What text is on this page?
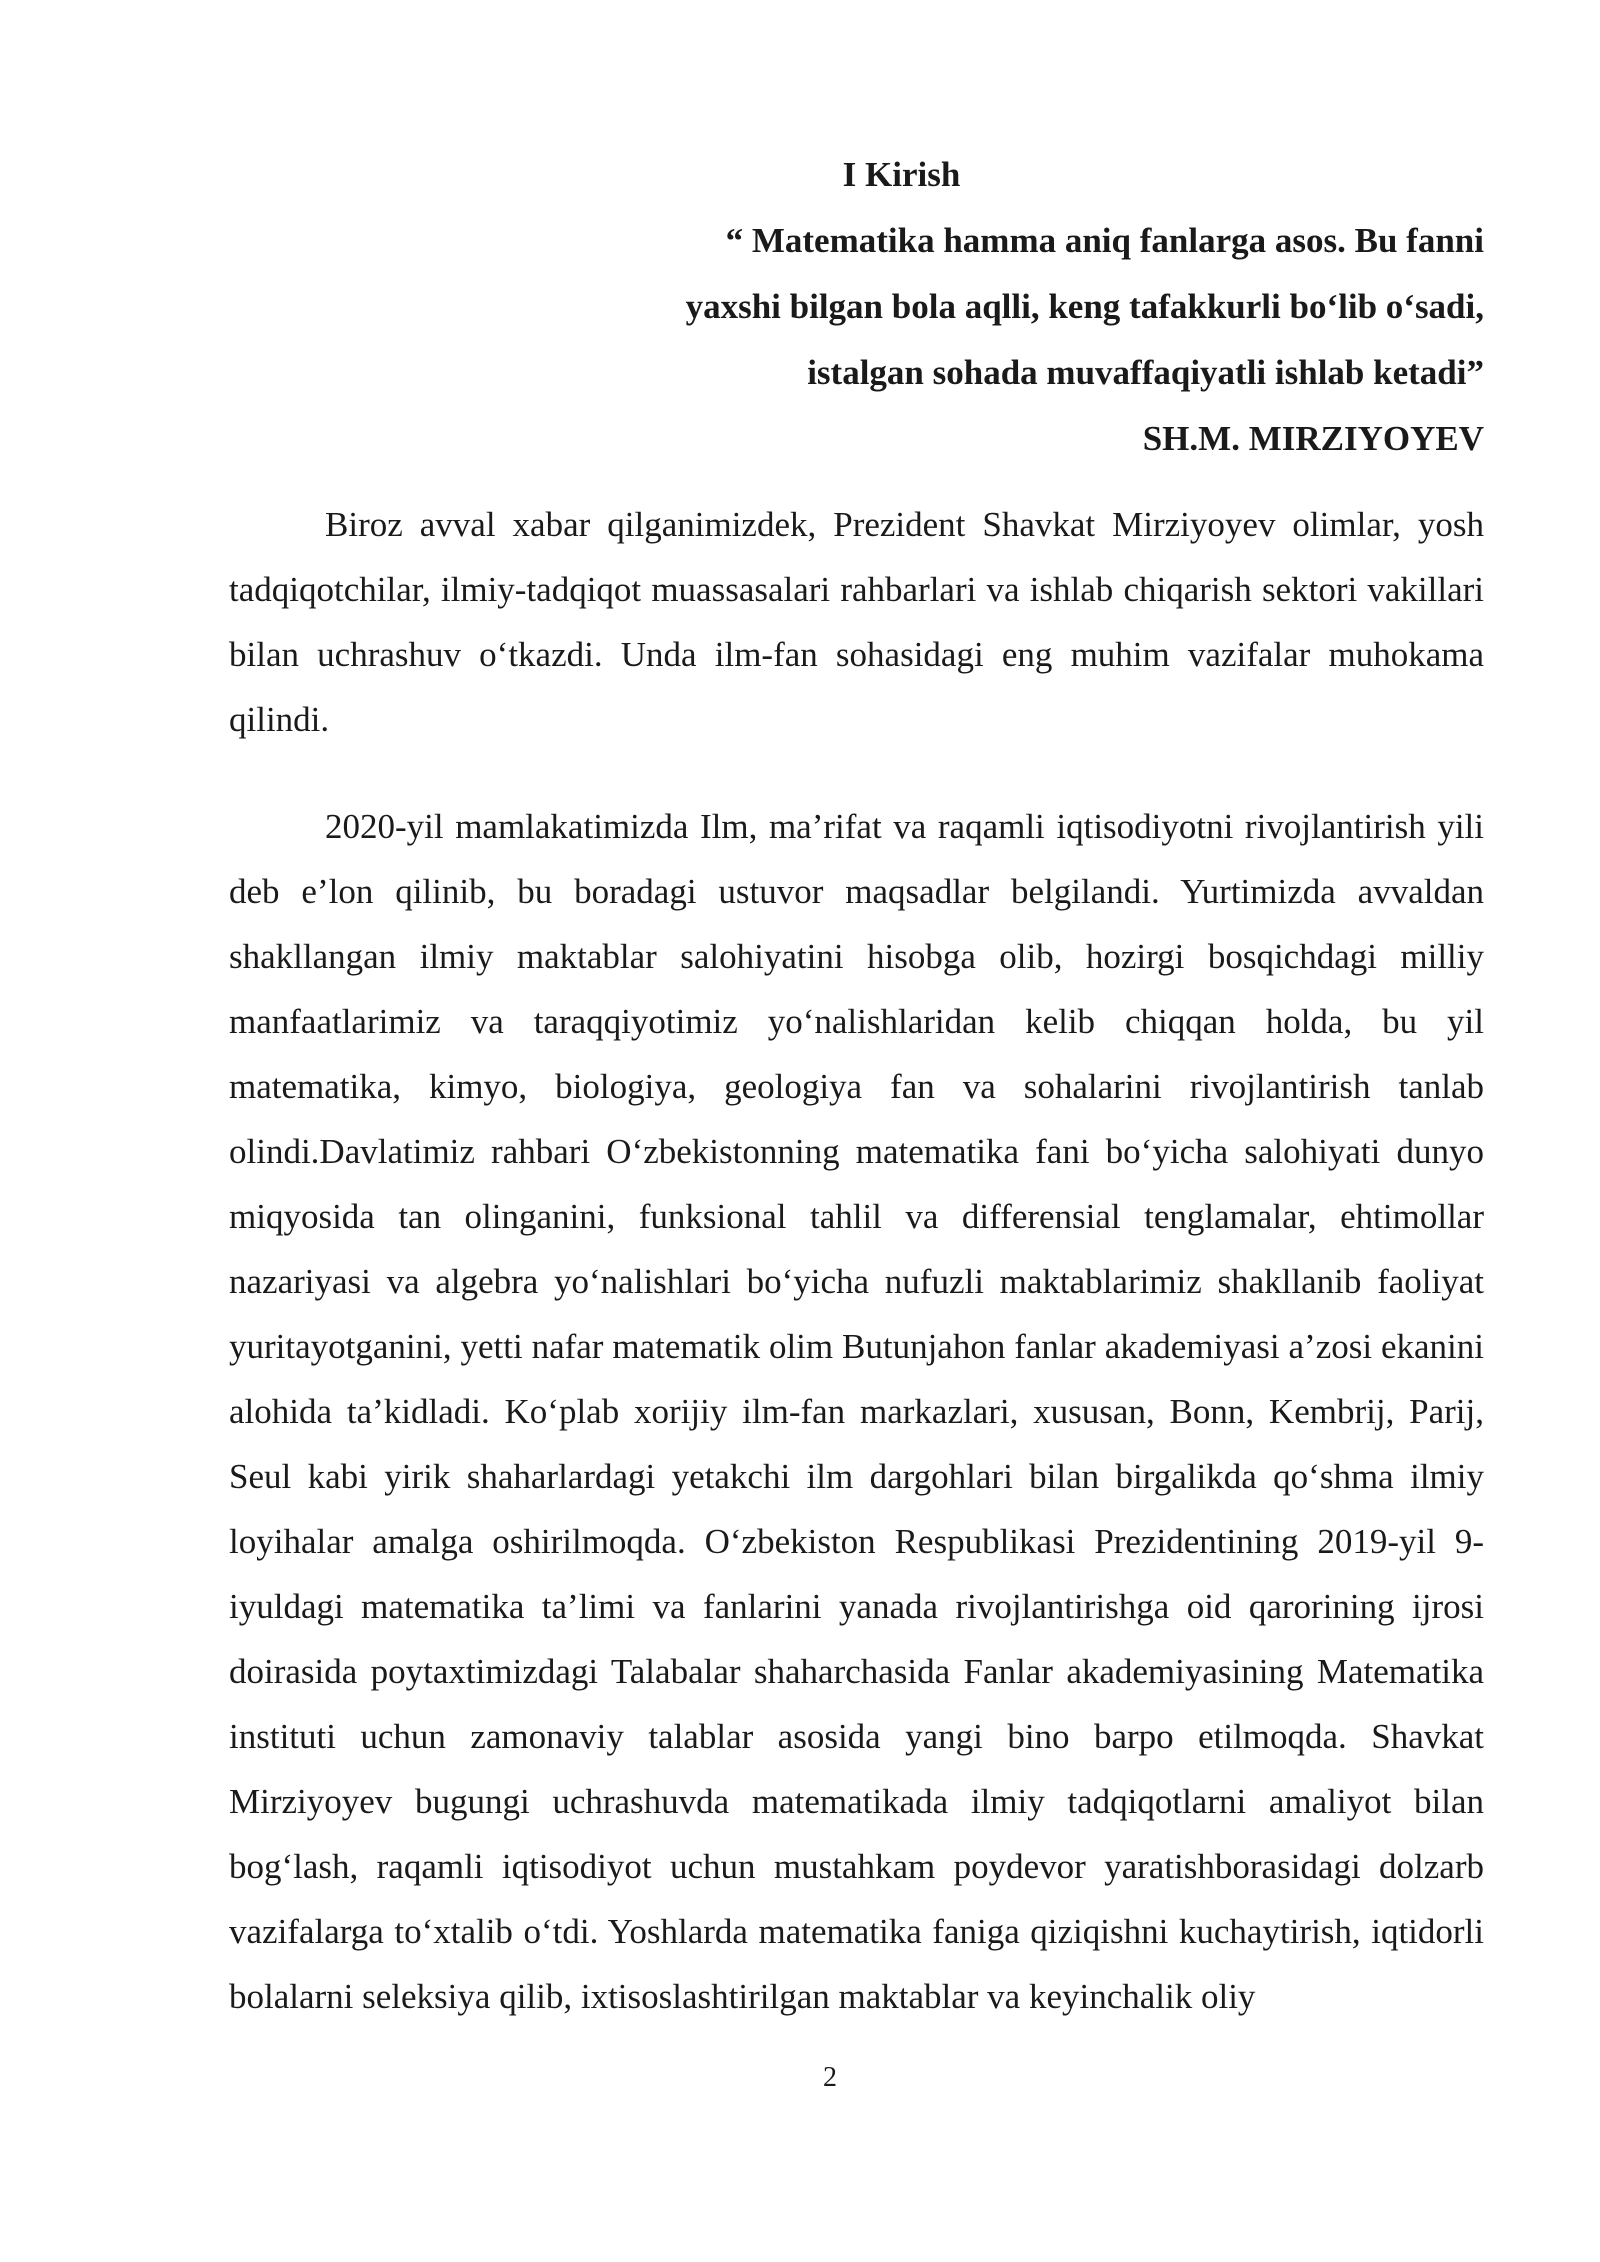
I Kirish
“ Matematika hamma aniq fanlarga asos. Bu fanni
yaxshi bilgan bola aqlli, keng tafakkurli bo‘lib o‘sadi,
istalgan sohada muvaffaqiyatli ishlab ketadi”
SH.M. MIRZIYOYEV

Biroz avval xabar qilganimizdek, Prezident Shavkat Mirziyoyev olimlar, yosh tadqiqotchilar, ilmiy-tadqiqot muassasalari rahbarlari va ishlab chiqarish sektori vakillari bilan uchrashuv o‘tkazdi. Unda ilm-fan sohasidagi eng muhim vazifalar muhokama qilindi.

2020-yil mamlakatimizda Ilm, ma’rifat va raqamli iqtisodiyotni rivojlantirish yili deb e’lon qilinib, bu boradagi ustuvor maqsadlar belgilandi. Yurtimizda avvaldan shakllangan ilmiy maktablar salohiyatini hisobga olib, hozirgi bosqichdagi milliy manfaatlarimiz va taraqqiyotimiz yo‘nalishlaridan kelib chiqqan holda, bu yil matematika, kimyo, biologiya, geologiya fan va sohalarini rivojlantirish tanlab olindi.Davlatimiz rahbari O‘zbekistonning matematika fani bo‘yicha salohiyati dunyo miqyosida tan olinganini, funksional tahlil va differensial tenglamalar, ehtimollar nazariyasi va algebra yo‘nalishlari bo‘yicha nufuzli maktablarimiz shakllanib faoliyat yuritayotganini, yetti nafar matematik olim Butunjahon fanlar akademiyasi a’zosi ekanini alohida ta’kidladi. Ko‘plab xorijiy ilm-fan markazlari, xususan, Bonn, Kembrij, Parij, Seul kabi yirik shaharlardagi yetakchi ilm dargohlari bilan birgalikda qo‘shma ilmiy loyihalar amalga oshirilmoqda. O‘zbekiston Respublikasi Prezidentining 2019-yil 9-iyuldagi matematika ta’limi va fanlarini yanada rivojlantirishga oid qarorining ijrosi doirasida poytaxtimizdagi Talabalar shaharchasida Fanlar akademiyasining Matematika instituti uchun zamonaviy talablar asosida yangi bino barpo etilmoqda. Shavkat Mirziyoyev bugungi uchrashuvda matematikada ilmiy tadqiqotlarni amaliyot bilan bog‘lash, raqamli iqtisodiyot uchun mustahkam poydevor yaratishborasidagi dolzarb vazifalarga to‘xtalib o‘tdi. Yoshlarda matematika faniga qiziqishni kuchaytirish, iqtidorli bolalarni seleksiya qilib, ixtisoslashtirilgan maktablar va keyinchalik oliy

2
